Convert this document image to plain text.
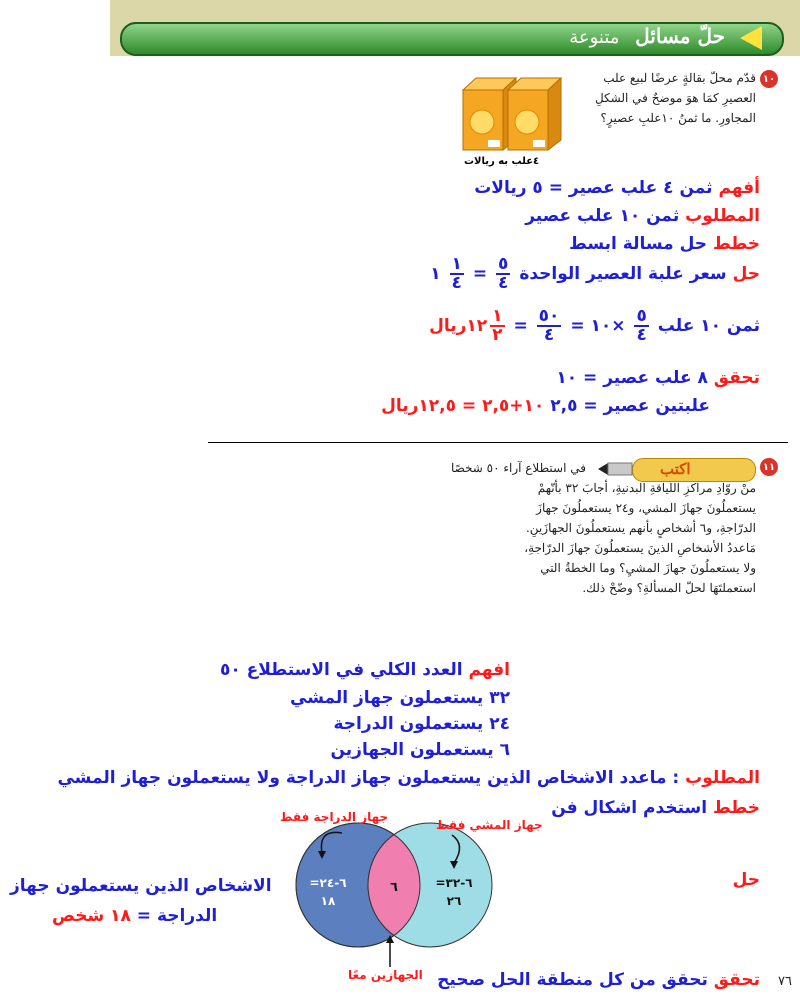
حلّ مسائل متنوعة
١٠
قدّم محلّ بقالةٍ عرضًا لبيع علب
العصيرِ كمَا هوَ موضحٌ في الشكلِ
المجاورِ. ما ثمنُ ١٠علبِ عصيرٍ؟
٤علب به ريالات
أفهم ثمن ٤ علب عصير = ٥ ريالات
المطلوب ثمن ١٠ علب عصير
خطط حل مسالة ابسط
حل سعر علبة العصير الواحدة
$\frac{٥}{٤}$
=
$\frac{١}{٤}$
١
ثمن ١٠ علب
$\frac{٥}{٤}$
×١٠ =
$\frac{٥٠}{٤}$
=
$\frac{١}{٢}$
١٢ريال
تحقق ٨ علب عصير = ١٠
علبتين عصير = ٢,٥ ١٠+٢,٥ = ١٢,٥ريال
١١
اكتب
في استطلاع آراء ٥٠ شخصًا
منْ روّادِ مراكزِ اللياقةِ البدنيةِ، أجابَ ٣٢ بأنّهمْ
يستعملُونَ جهازَ المشي، و٢٤ يستعملُونَ جهازَ
الدرّاجةِ، و٦ أشخاصٍ بأنهم يستعملُونَ الجهازَينِ.
مَاعددُ الأشخاصِ الذينَ يستعملُونَ جهازَ الدرّاجةِ،
ولا يستعملُونَ جهازَ المشيِ؟ وما الخطةُ التي
استعملتَهَا لحلّ المسألةِ؟ وضّحْ ذلك.
افهم العدد الكلي في الاستطلاع ٥٠
٣٢ يستعملون جهاز المشي
٢٤ يستعملون الدراجة
٦ يستعملون الجهازين
المطلوب : ماعدد الاشخاص الذين يستعملون جهاز الدراجة ولا يستعملون جهاز المشي
خطط استخدم اشكال فن
حل
الاشخاص الذين يستعملون جهاز
الدراجة = ١٨ شخص
=٦-٢٤
١٨
٦	=٦-٣٢
٢٦
جهاز الدراجة فقط
جهاز المشي فقط
الجهازين معًا	تحقق تحقق من كل منطقة الحل صحيح	٧٦
